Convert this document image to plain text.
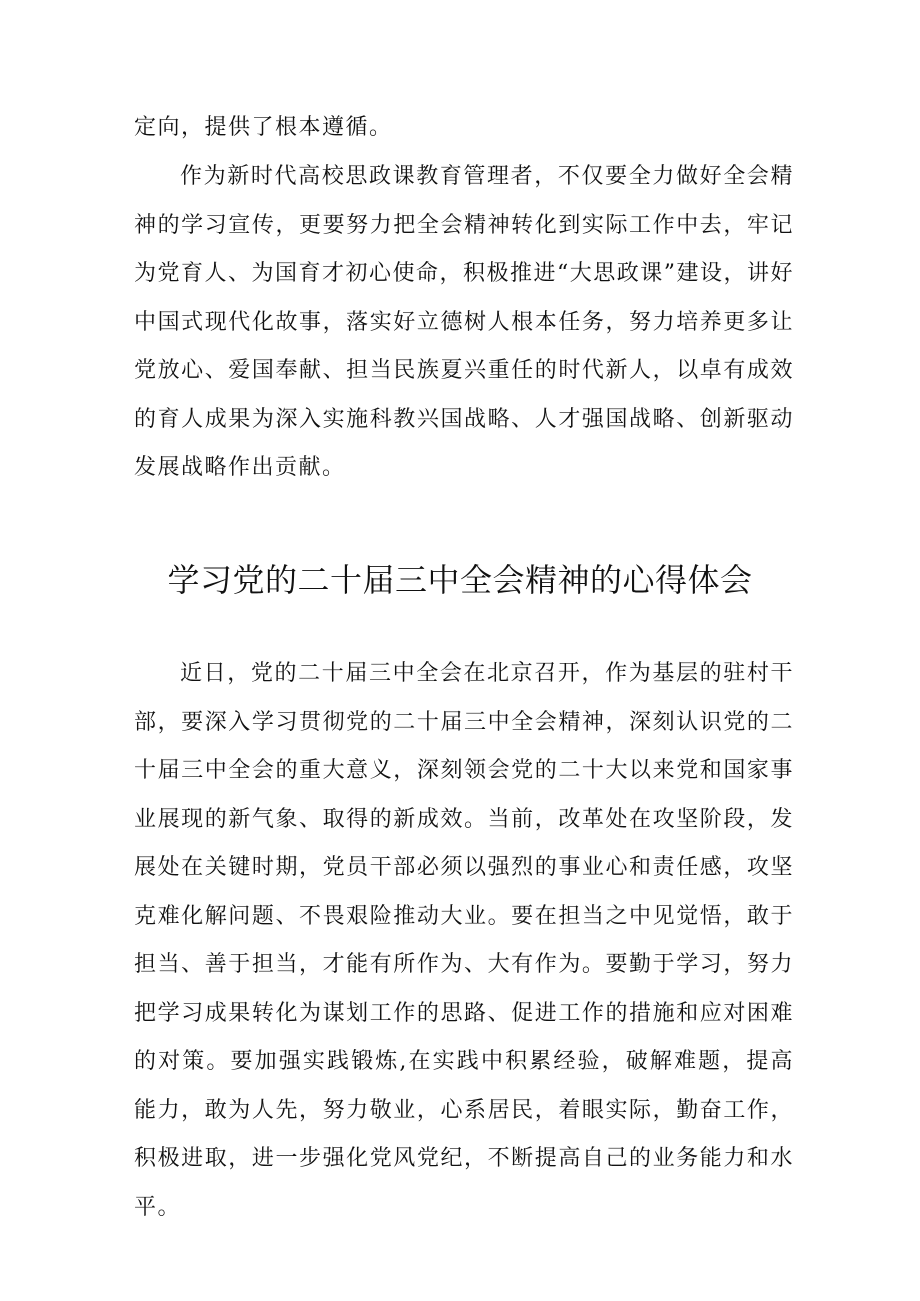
定向，提供了根本遵循。

作为新时代高校思政课教育管理者，不仅要全力做好全会精神的学习宣传，更要努力把全会精神转化到实际工作中去，牢记为党育人、为国育才初心使命，积极推进“大思政课”建设，讲好中国式现代化故事，落实好立德树人根本任务，努力培养更多让党放心、爱国奉献、担当民族夏兴重任的时代新人，以卓有成效的育人成果为深入实施科教兴国战略、人才强国战略、创新驱动发展战略作出贡献。

学习党的二十届三中全会精神的心得体会

近日，党的二十届三中全会在北京召开，作为基层的驻村干部，要深入学习贯彻党的二十届三中全会精神，深刻认识党的二十届三中全会的重大意义，深刻领会党的二十大以来党和国家事业展现的新气象、取得的新成效。当前，改革处在攻坚阶段，发展处在关键时期，党员干部必须以强烈的事业心和责任感，攻坚克难化解问题、不畏艰险推动大业。要在担当之中见觉悟，敢于担当、善于担当，才能有所作为、大有作为。要勤于学习，努力把学习成果转化为谋划工作的思路、促进工作的措施和应对困难的对策。要加强实践锻炼,在实践中积累经验，破解难题，提高能力，敢为人先，努力敬业，心系居民，着眼实际，勤奋工作，积极进取，进一步强化党风党纪，不断提高自己的业务能力和水平。
